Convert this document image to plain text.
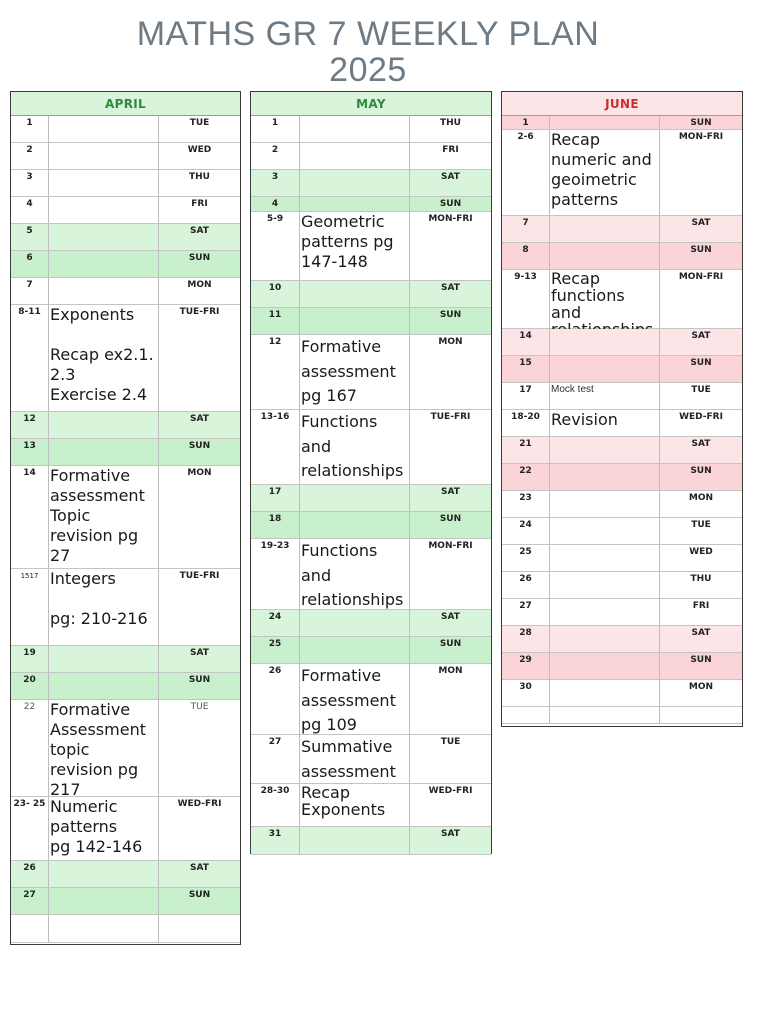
MATHS GR 7 WEEKLY PLAN
2025
APRIL
1	TUE
2	WED
3	THU
4	FRI
5	SAT
6	SUN
7	MON
8-11 Exponents

Recap ex2.1.
2.3
Exercise 2.4
TUE-FRI
12	SAT
13	SUN
14 Formative
assessment
Topic
revision pg
27
MON
1517 Integers

pg: 210-216
TUE-FRI
19	SAT
20	SUN
22 Formative
Assessment
topic
revision pg
217
TUE
23- 25 Numeric
patterns
pg 142-146
WED-FRI
26	SAT
27	SUN
MAY
1	THU
2	FRI
3	SAT
4	SUN
5-9	Geometric
patterns pg
147-148
MON-FRI
10	SAT
11	SUN
12	Formative
assessment
pg 167
MON
13-16 Functions and
relationships

TUE-FRI
17	SAT
18	SUN
19-23 Functions and
relationships

MON-FRI
24	SAT
25	SUN
26	Formative
assessment
pg 109
MON
27	Summative
assessment
TUE
28-30 Recap
Exponents
WED-FRI
31	SAT
JUNE
1	SUN
2-6	Recap
numeric and
geoimetric
patterns
MON-FRI
7	SAT
8	SUN
9-13 Recap
functions and

MON-FRI
14	SAT
15	SUN
17	Mock test	TUE
18-20 Revision	WED-FRI
21	SAT
22	SUN
23	MON
24	TUE
25	WED
26	THU
27	FRI
28	SAT
29	SUN
30	MON
